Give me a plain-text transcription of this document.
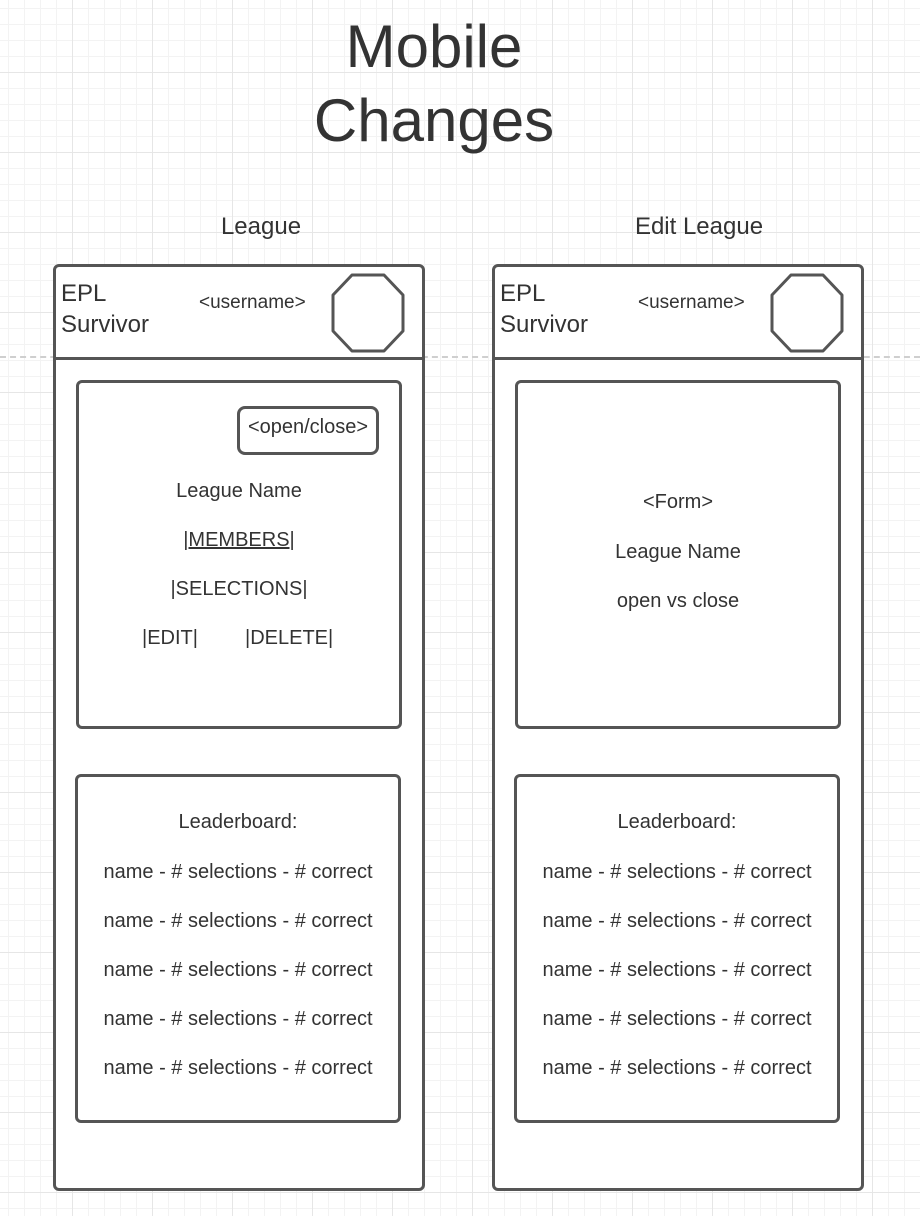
Mobile
Changes
League
EPL
Survivor
<username>
<open/close>
League Name
|MEMBERS|
|SELECTIONS|
|EDIT| |DELETE|
Leaderboard:
name - # selections - # correct
name - # selections - # correct
name - # selections - # correct
name - # selections - # correct
name - # selections - # correct
Edit League
EPL
Survivor
<username>
<Form>
League Name
open vs close
Leaderboard:
name - # selections - # correct
name - # selections - # correct
name - # selections - # correct
name - # selections - # correct
name - # selections - # correct
